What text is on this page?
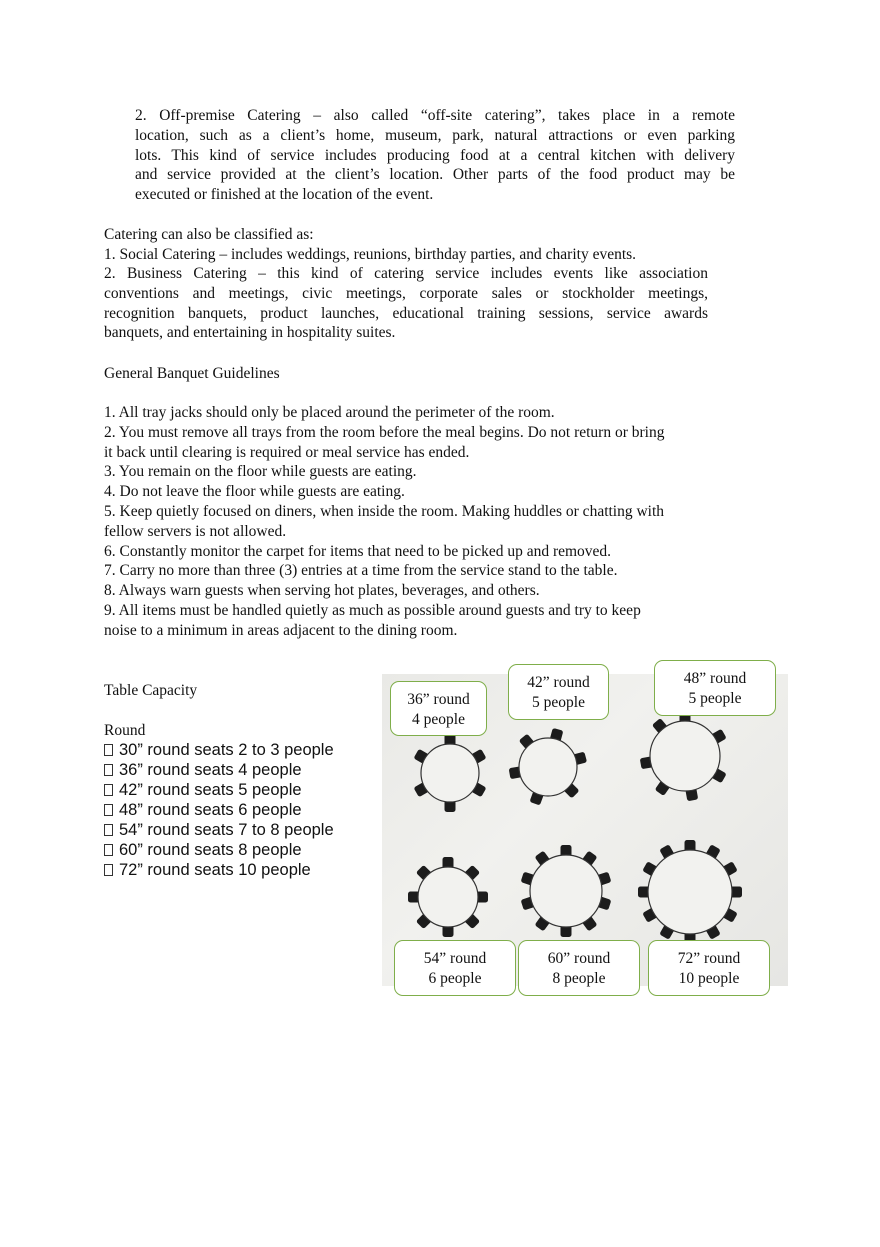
2. Off-premise Catering – also called “off-site catering”, takes place in a remote
location, such as a client’s home, museum, park, natural attractions or even parking
lots. This kind of service includes producing food at a central kitchen with delivery
and service provided at the client’s location. Other parts of the food product may be
executed or finished at the location of the event.
Catering can also be classified as:
1. Social Catering – includes weddings, reunions, birthday parties, and charity events.
2. Business Catering – this kind of catering service includes events like association
conventions and meetings, civic meetings, corporate sales or stockholder meetings,
recognition banquets, product launches, educational training sessions, service awards
banquets, and entertaining in hospitality suites.
General Banquet Guidelines
1. All tray jacks should only be placed around the perimeter of the room.
2. You must remove all trays from the room before the meal begins. Do not return or bring
it back until clearing is required or meal service has ended.
3. You remain on the floor while guests are eating.
4. Do not leave the floor while guests are eating.
5. Keep quietly focused on diners, when inside the room. Making huddles or chatting with
fellow servers is not allowed.
6. Constantly monitor the carpet for items that need to be picked up and removed.
7. Carry no more than three (3) entries at a time from the service stand to the table.
8. Always warn guests when serving hot plates, beverages, and others.
9. All items must be handled quietly as much as possible around guests and try to keep
noise to a minimum in areas adjacent to the dining room.
Table Capacity
Round
30” round seats 2 to 3 people
36” round seats 4 people
42” round seats 5 people
48” round seats 6 people
54” round seats 7 to 8 people
60” round seats 8 people
72” round seats 10 people
36” round
4 people
42” round
5 people
48” round
5 people
54” round
6 people
60” round
8 people
72” round
10 people
